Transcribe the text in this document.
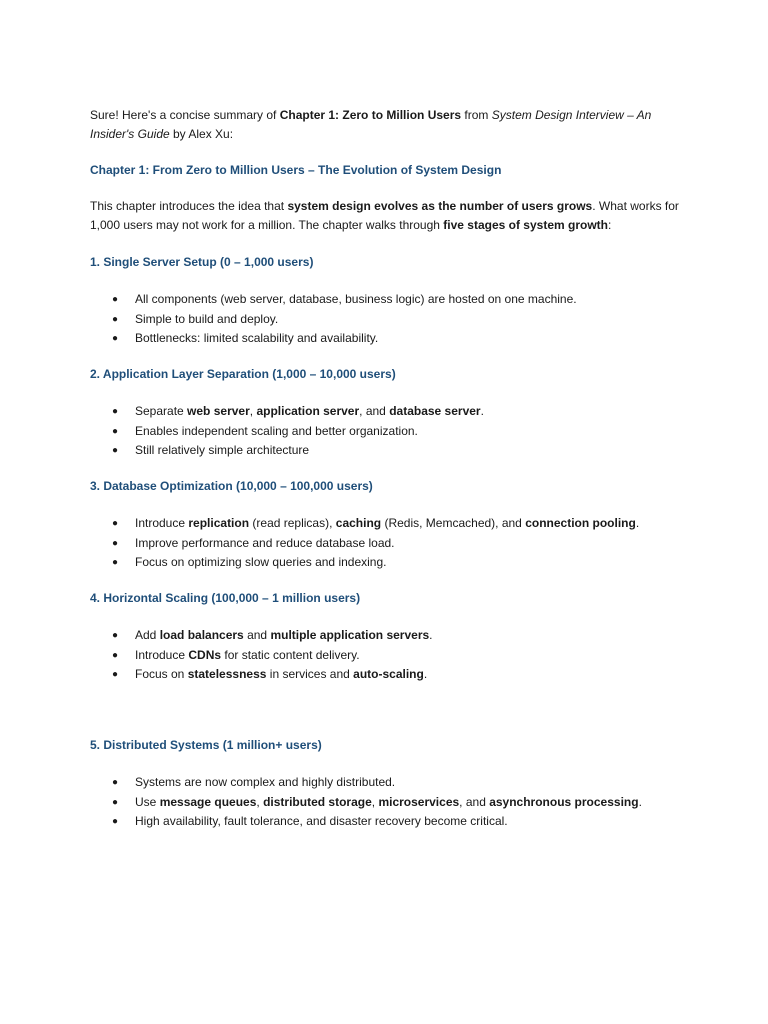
Sure! Here's a concise summary of Chapter 1: Zero to Million Users from System Design Interview – An Insider's Guide by Alex Xu:

Chapter 1: From Zero to Million Users – The Evolution of System Design

This chapter introduces the idea that system design evolves as the number of users grows. What works for 1,000 users may not work for a million. The chapter walks through five stages of system growth:

1. Single Server Setup (0 – 1,000 users)
● All components (web server, database, business logic) are hosted on one machine.
● Simple to build and deploy.
● Bottlenecks: limited scalability and availability.
2. Application Layer Separation (1,000 – 10,000 users)
● Separate web server, application server, and database server.
● Enables independent scaling and better organization.
● Still relatively simple architecture
3. Database Optimization (10,000 – 100,000 users)
● Introduce replication (read replicas), caching (Redis, Memcached), and connection pooling.
● Improve performance and reduce database load.
● Focus on optimizing slow queries and indexing.
4. Horizontal Scaling (100,000 – 1 million users)
● Add load balancers and multiple application servers.
● Introduce CDNs for static content delivery.
● Focus on statelessness in services and auto-scaling.
5. Distributed Systems (1 million+ users)
● Systems are now complex and highly distributed.
● Use message queues, distributed storage, microservices, and asynchronous processing.
● High availability, fault tolerance, and disaster recovery become critical.
